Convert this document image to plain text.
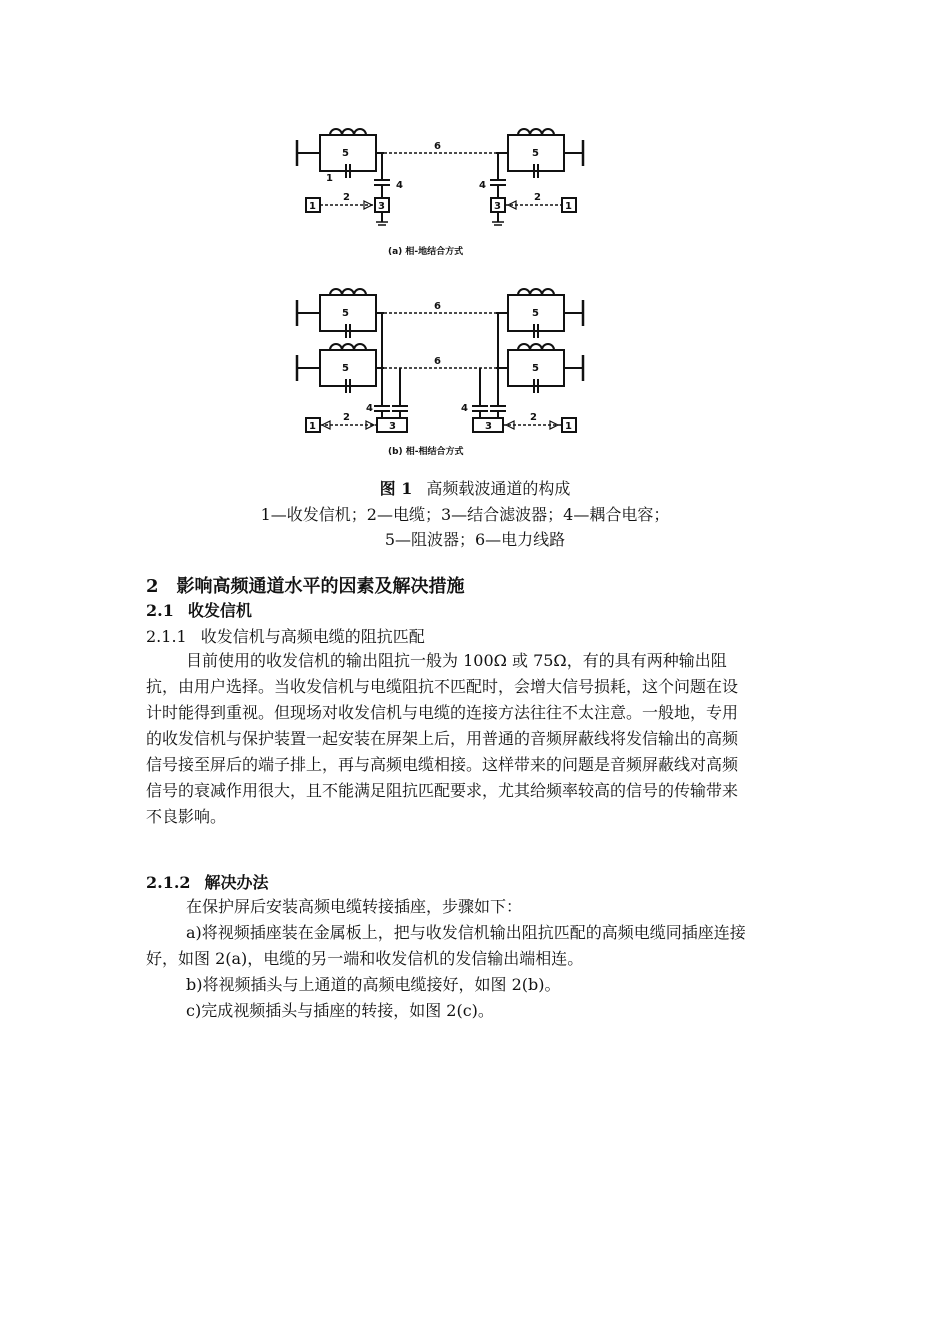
5
1
6
5
4
3
1
2
4
3	1
2
(a) 相-地结合方式
5
6
5
5
6
5
4
3
1
2
4
3	1
2
(b) 相-相结合方式
图 1 高频载波通道的构成
1—收发信机；2—电缆；3—结合滤波器；4—耦合电容；
5—阻波器；6—电力线路
2 影响高频通道水平的因素及解决措施
2.1 收发信机
2.1.1 收发信机与高频电缆的阻抗匹配

目前使用的收发信机的输出阻抗一般为 100Ω 或 75Ω，有的具有两种输出阻抗，由用户选择。当收发信机与电缆阻抗不匹配时，会增大信号损耗，这个问题在设计时能得到重视。但现场对收发信机与电缆的连接方法往往不太注意。一般地，专用的收发信机与保护装置一起安装在屏架上后，用普通的音频屏蔽线将发信输出的高频信号接至屏后的端子排上，再与高频电缆相接。这样带来的问题是音频屏蔽线对高频信号的衰减作用很大，且不能满足阻抗匹配要求，尤其给频率较高的信号的传输带来不良影响。

2.1.2 解决办法

在保护屏后安装高频电缆转接插座，步骤如下：

a)将视频插座装在金属板上，把与收发信机输出阻抗匹配的高频电缆同插座连接好，如图 2(a)，电缆的另一端和收发信机的发信输出端相连。

b)将视频插头与上通道的高频电缆接好，如图 2(b)。

c)完成视频插头与插座的转接，如图 2(c)。
